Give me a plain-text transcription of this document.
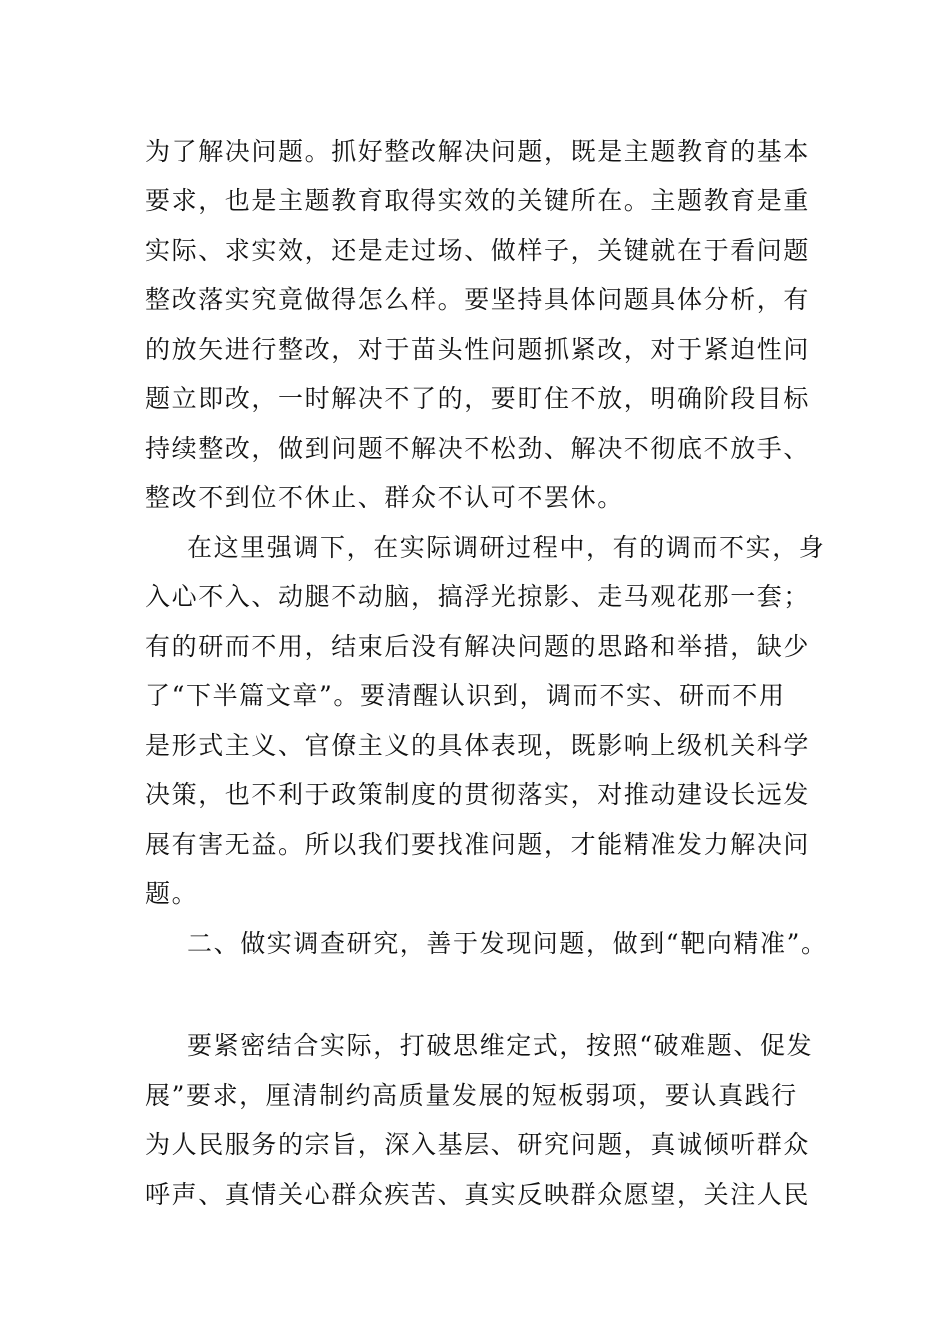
为了解决问题。抓好整改解决问题，既是主题教育的基本
要求，也是主题教育取得实效的关键所在。主题教育是重
实际、求实效，还是走过场、做样子，关键就在于看问题
整改落实究竟做得怎么样。要坚持具体问题具体分析，有
的放矢进行整改，对于苗头性问题抓紧改，对于紧迫性问
题立即改，一时解决不了的，要盯住不放，明确阶段目标
持续整改，做到问题不解决不松劲、解决不彻底不放手、
整改不到位不休止、群众不认可不罢休。
在这里强调下，在实际调研过程中，有的调而不实，身
入心不入、动腿不动脑，搞浮光掠影、走马观花那一套；
有的研而不用，结束后没有解决问题的思路和举措，缺少
了“下半篇文章”。要清醒认识到，调而不实、研而不用
是形式主义、官僚主义的具体表现，既影响上级机关科学
决策，也不利于政策制度的贯彻落实，对推动建设长远发
展有害无益。所以我们要找准问题，才能精准发力解决问
题。
二、做实调查研究，善于发现问题，做到“靶向精准”。
要紧密结合实际，打破思维定式，按照“破难题、促发
展”要求，厘清制约高质量发展的短板弱项，要认真践行
为人民服务的宗旨，深入基层、研究问题，真诚倾听群众
呼声、真情关心群众疾苦、真实反映群众愿望，关注人民
